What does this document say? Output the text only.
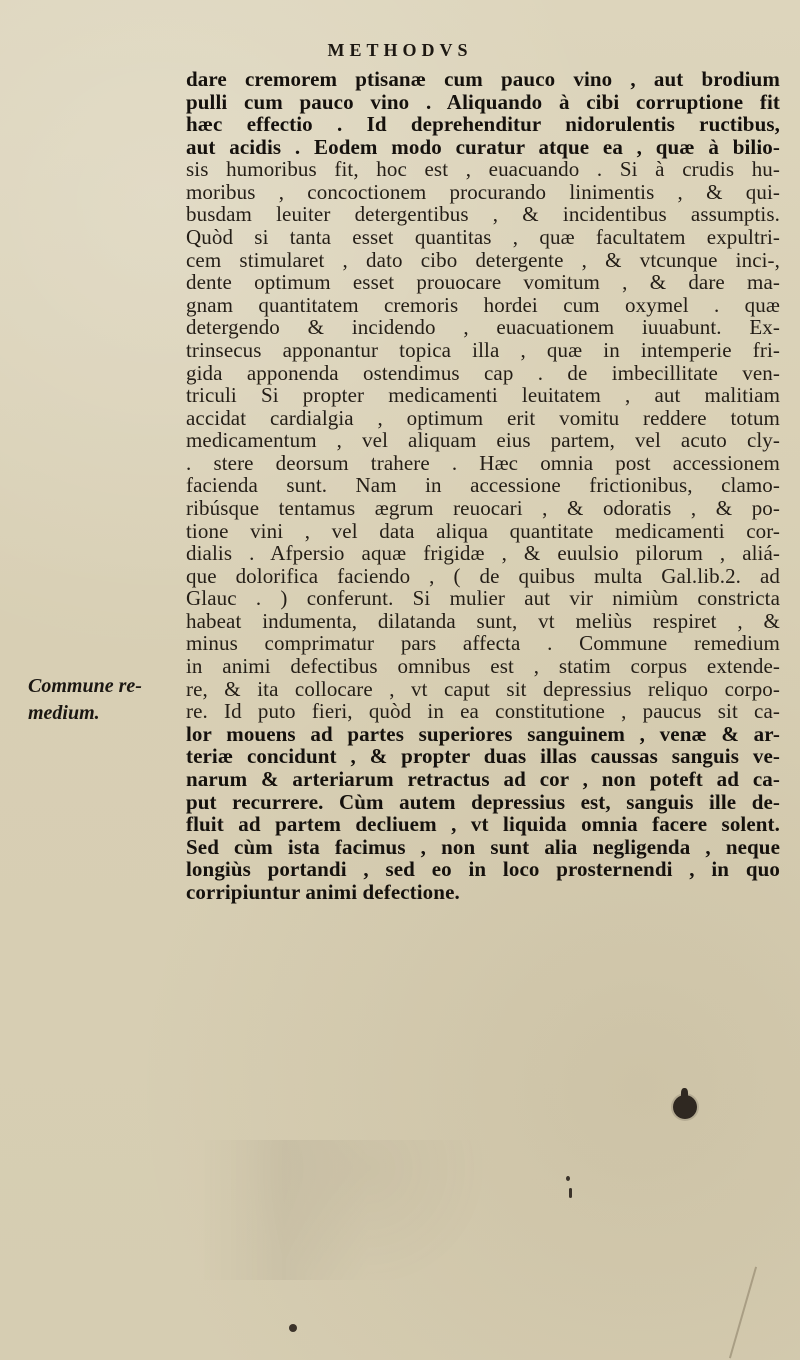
METHODVS
Commune re-
medium.
dare cremorem ptisanæ cum pauco vino , aut brodium
pulli cum pauco vino . Aliquando à cibi corruptione fit
hæc effectio . Id deprehenditur nidorulentis ructibus,
aut acidis . Eodem modo curatur atque ea , quæ à bilio-
sis humoribus fit, hoc est , euacuando . Si à crudis hu-
moribus , concoctionem procurando linimentis , & qui-
busdam leuiter detergentibus , & incidentibus assumptis.
Quòd si tanta esset quantitas , quæ facultatem expultri-
cem stimularet , dato cibo detergente , & vtcunque inci-,
dente optimum esset prouocare vomitum , & dare ma-
gnam quantitatem cremoris hordei cum oxymel . quæ
detergendo & incidendo , euacuationem iuuabunt. Ex-
trinsecus apponantur topica illa , quæ in intemperie fri-
gida apponenda ostendimus cap . de imbecillitate ven-
triculi Si propter medicamenti leuitatem , aut malitiam
accidat cardialgia , optimum erit vomitu reddere totum
medicamentum , vel aliquam eius partem, vel acuto cly-
. stere deorsum trahere . Hæc omnia post accessionem
facienda sunt. Nam in accessione frictionibus, clamo-
ribúsque tentamus ægrum reuocari , & odoratis , & po-
tione vini , vel data aliqua quantitate medicamenti cor-
dialis . Afpersio aquæ frigidæ , & euulsio pilorum , aliá-
que dolorifica faciendo , ( de quibus multa Gal.lib.2. ad
Glauc . ) conferunt. Si mulier aut vir nimiùm constricta
habeat indumenta, dilatanda sunt, vt meliùs respiret , &
minus comprimatur pars affecta . Commune remedium
in animi defectibus omnibus est , statim corpus extende-
re, & ita collocare , vt caput sit depressius reliquo corpo-
re. Id puto fieri, quòd in ea constitutione , paucus sit ca-
lor mouens ad partes superiores sanguinem , venæ & ar-
teriæ concidunt , & propter duas illas caussas sanguis ve-
narum & arteriarum retractus ad cor , non poteft ad ca-
put recurrere. Cùm autem depressius est, sanguis ille de-
fluit ad partem decliuem , vt liquida omnia facere solent.
Sed cùm ista facimus , non sunt alia negligenda , neque
longiùs portandi , sed eo in loco prosternendi , in quo
corripiuntur animi defectione.
